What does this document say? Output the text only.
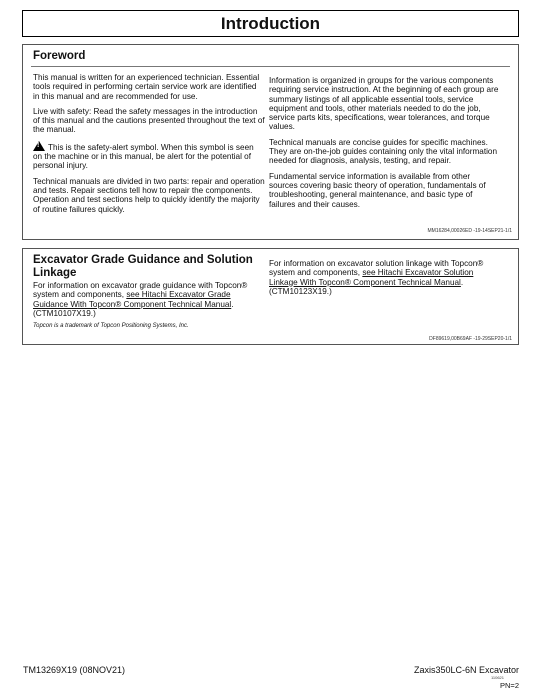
Introduction
Foreword

This manual is written for an experienced technician. Essential tools required in performing certain service work are identified in this manual and are recommended for use.

Live with safety: Read the safety messages in the introduction of this manual and the cautions presented throughout the text of the manual.

!This is the safety-alert symbol. When this symbol is seen on the machine or in this manual, be alert for the potential of personal injury.

Technical manuals are divided in two parts: repair and operation and tests. Repair sections tell how to repair the components. Operation and test sections help to quickly identify the majority of routine failures quickly.

Information is organized in groups for the various components requiring service instruction. At the beginning of each group are summary listings of all applicable essential tools, service equipment and tools, other materials needed to do the job, service parts kits, specifications, wear tolerances, and torque values.

Technical manuals are concise guides for specific machines. They are on-the-job guides containing only the vital information needed for diagnosis, analysis, testing, and repair.

Fundamental service information is available from other sources covering basic theory of operation, fundamentals of troubleshooting, general maintenance, and basic type of failures and their causes.

MM16284,00026ED -19-14SEP21-1/1
Excavator Grade Guidance and Solution Linkage

For information on excavator grade guidance with Topcon® system and components, see Hitachi Excavator Grade Guidance With Topcon® Component Technical Manual. (CTM10107X19.)

Topcon is a trademark of Topcon Positioning Systems, Inc.

For information on excavator solution linkage with Topcon® system and components, see Hitachi Excavator Solution Linkage With Topcon® Component Technical Manual. (CTM10123X19.)

DF89619,00B69AF -19-29SEP20-1/1
TM13269X19 (08NOV21)	Zaxis350LC-6N Excavator
110621
PN=2
